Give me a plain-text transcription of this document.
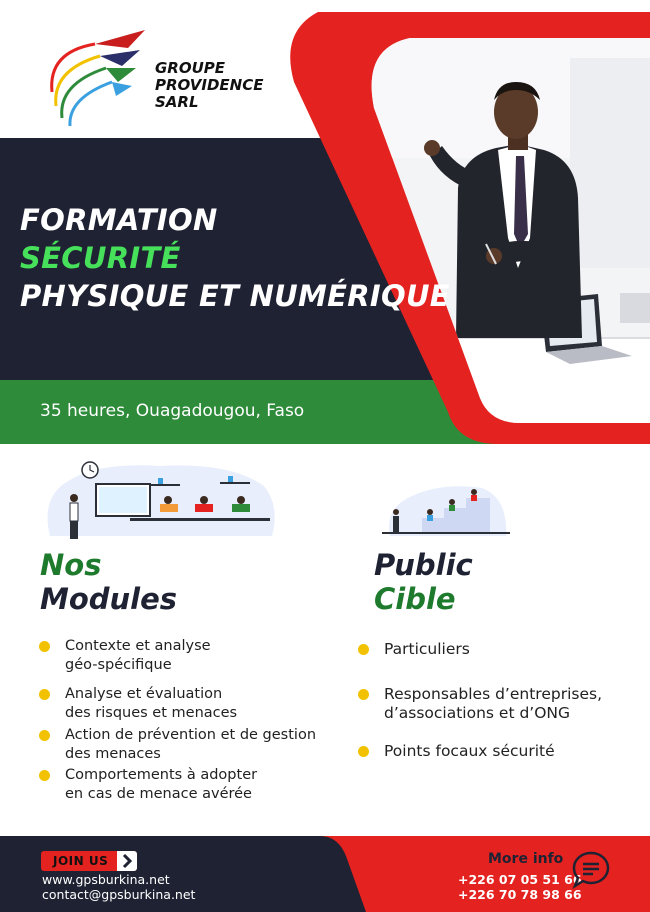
GROUPE
PROVIDENCE
SARL
FORMATION
SÉCURITÉ
PHYSIQUE ET NUMÉRIQUE
35 heures, Ouagadougou, Faso
Nos
Modules
Public
Cible
Contexte et analyse
géo-spécifique
Analyse et évaluation
des risques et menaces
Action de prévention et de gestion
des menaces
Comportements à adopter
en cas de menace avérée
Particuliers
Responsables d’entreprises,
d’associations et d’ONG
Points focaux sécurité
JOIN US
www.gpsburkina.net
contact@gpsburkina.net
More info
+226 07 05 51 66
+226 70 78 98 66
